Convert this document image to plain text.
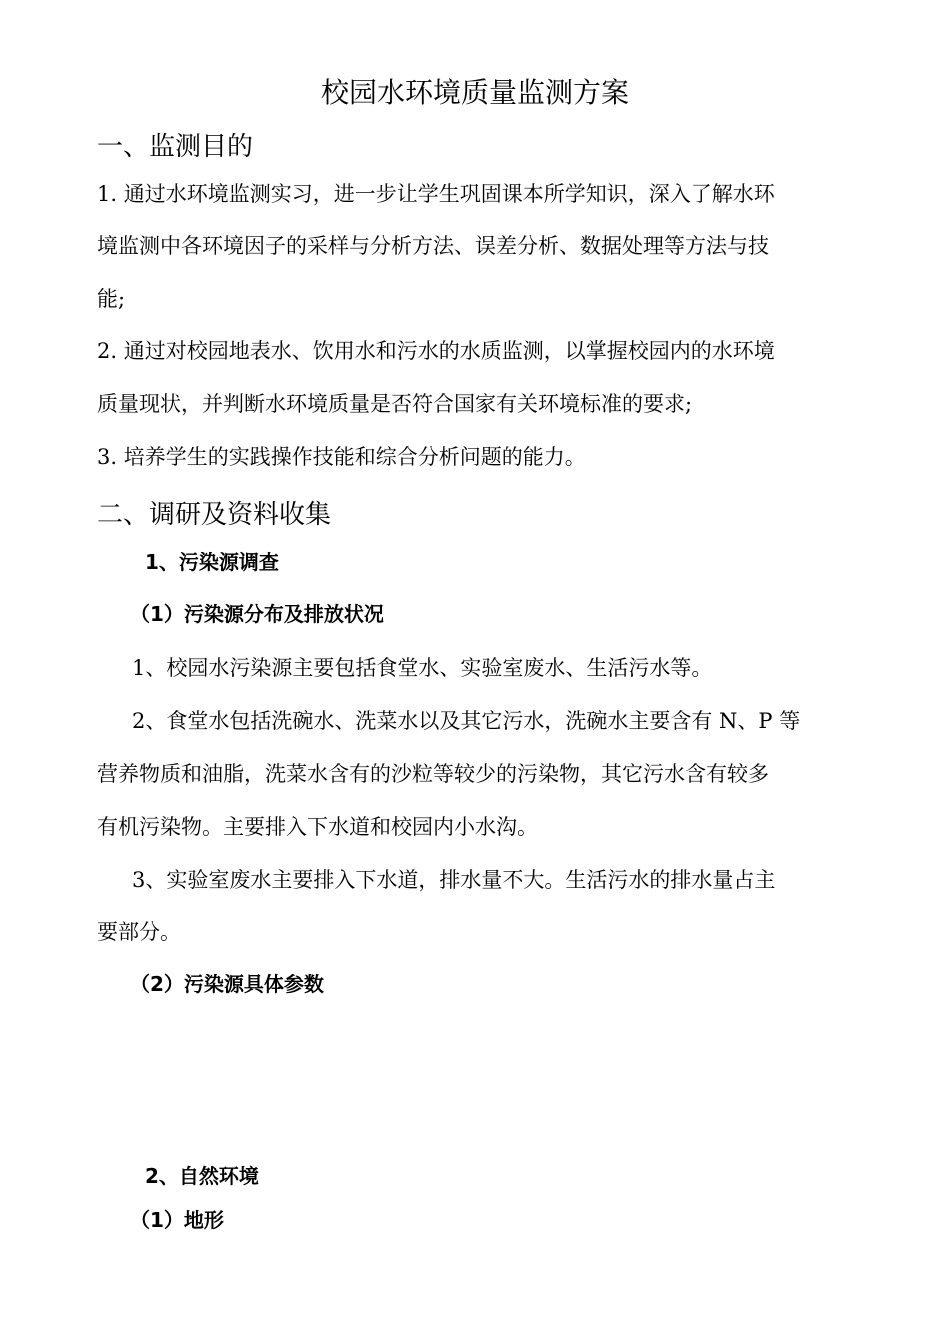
校园水环境质量监测方案
一、监测目的
1. 通过水环境监测实习，进一步让学生巩固课本所学知识，深入了解水环
境监测中各环境因子的采样与分析方法、误差分析、数据处理等方法与技
能;
2. 通过对校园地表水、饮用水和污水的水质监测，以掌握校园内的水环境
质量现状，并判断水环境质量是否符合国家有关环境标准的要求;
3. 培养学生的实践操作技能和综合分析问题的能力。
二、调研及资料收集
1、污染源调查
（1）污染源分布及排放状况
1、校园水污染源主要包括食堂水、实验室废水、生活污水等。
2、食堂水包括洗碗水、洗菜水以及其它污水，洗碗水主要含有 N、P 等
营养物质和油脂，洗菜水含有的沙粒等较少的污染物，其它污水含有较多
有机污染物。主要排入下水道和校园内小水沟。
3、实验室废水主要排入下水道，排水量不大。生活污水的排水量占主
要部分。
（2）污染源具体参数
2、自然环境
（1）地形
